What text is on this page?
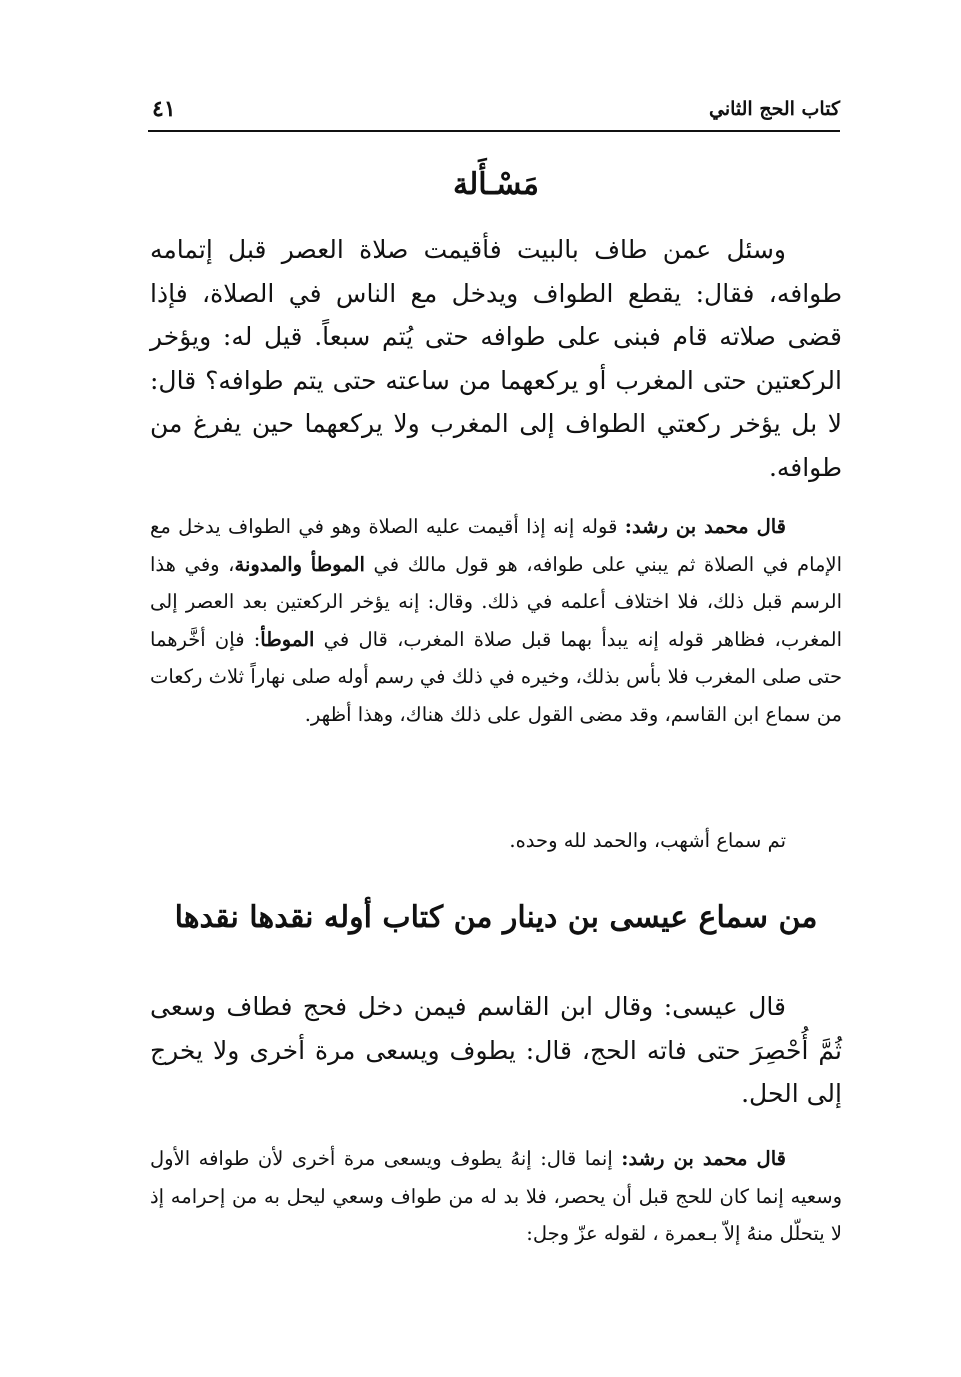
كتاب الحج الثاني
٤١
مَسْـأَلة

وسئل عمن طاف بالبيت فأقيمت صلاة العصر قبل إتمامه طوافه، فقال: يقطع الطواف ويدخل مع الناس في الصلاة، فإذا قضى صلاته قام فبنى على طوافه حتى يُتم سبعاً. قيل له: ويؤخر الركعتين حتى المغرب أو يركعهما من ساعته حتى يتم طوافه؟ قال: لا بل يؤخر ركعتي الطواف إلى المغرب ولا يركعهما حين يفرغ من طوافه.

قال محمد بن رشد: قوله إنه إذا أقيمت عليه الصلاة وهو في الطواف يدخل مع الإمام في الصلاة ثم يبني على طوافه، هو قول مالك في الموطأ والمدونة، وفي هذا الرسم قبل ذلك، فلا اختلاف أعلمه في ذلك. وقال: إنه يؤخر الركعتين بعد العصر إلى المغرب، فظاهر قوله إنه يبدأ بهما قبل صلاة المغرب، قال في الموطأ: فإن أخَّرهما حتى صلى المغرب فلا بأس بذلك، وخيره في ذلك في رسم أوله صلى نهاراً ثلاث ركعات من سماع ابن القاسم، وقد مضى القول على ذلك هناك، وهذا أظهر.

تم سماع أشهب، والحمد لله وحده.

من سماع عيسى بن دينار من كتاب أوله نقدها نقدها

قال عيسى: وقال ابن القاسم فيمن دخل فحج فطاف وسعى ثُمَّ أُحْصِرَ حتى فاته الحج، قال: يطوف ويسعى مرة أخرى ولا يخرج إلى الحل.

قال محمد بن رشد: إنما قال: إنهُ يطوف ويسعى مرة أخرى لأن طوافه الأول وسعيه إنما كان للحج قبل أن يحصر، فلا بد له من طواف وسعي ليحل به من إحرامه إذ لا يتحلّل منهُ إلاّ بـعمرة ، لقوله عزّ وجل:
